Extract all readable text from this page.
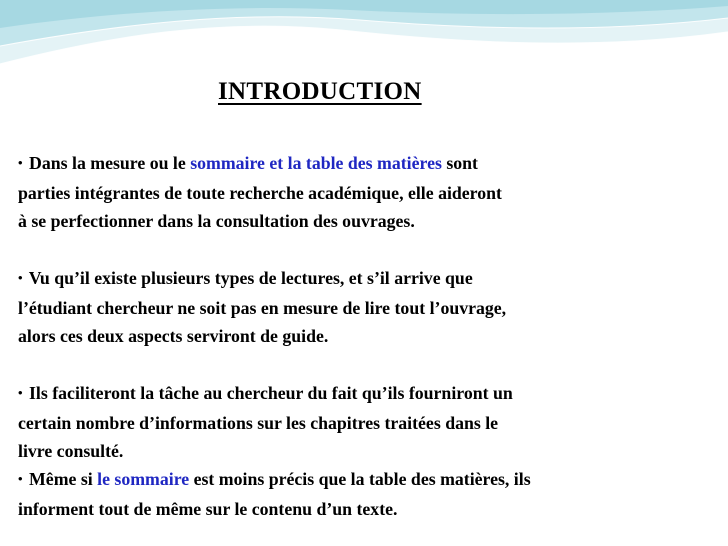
INTRODUCTION

• Dans la mesure ou le sommaire et la table des matières sont

parties intégrantes de toute recherche académique, elle aideront

à se perfectionner dans la consultation des ouvrages.

• Vu qu’il existe plusieurs types de lectures, et s’il arrive que

l’étudiant chercheur ne soit pas en mesure de lire tout l’ouvrage,

alors ces deux aspects serviront de guide.

• Ils faciliteront la tâche au chercheur du fait qu’ils fourniront un

certain nombre d’informations sur les chapitres traitées dans le

livre consulté.

• Même si le sommaire est moins précis que la table des matières, ils

informent tout de même sur le contenu d’un texte.
